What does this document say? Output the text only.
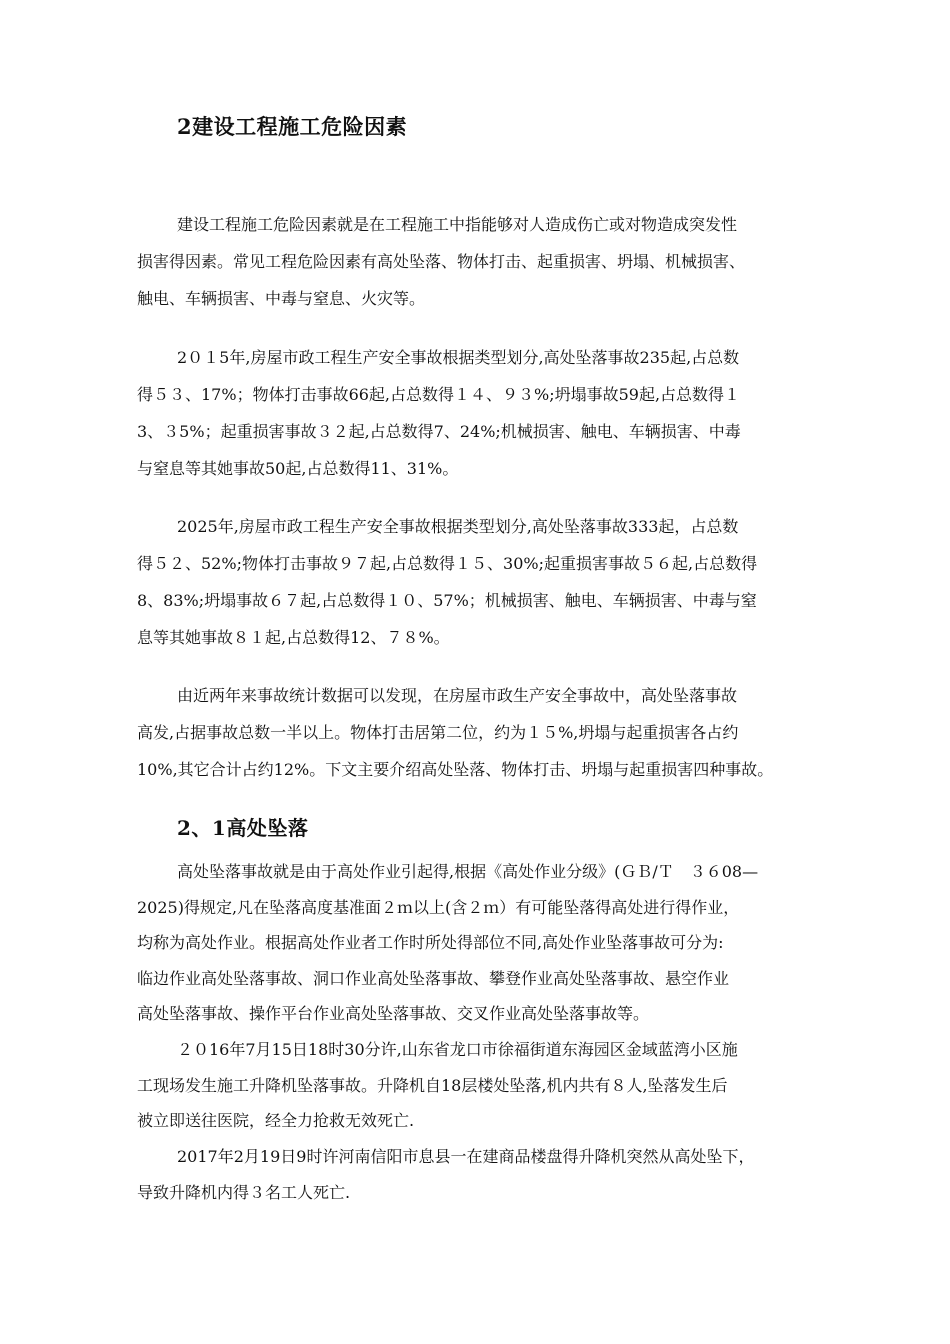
2建设工程施工危险因素
建设工程施工危险因素就是在工程施工中指能够对人造成伤亡或对物造成突发性
损害得因素。常见工程危险因素有高处坠落、物体打击、起重损害、坍塌、机械损害、
触电、车辆损害、中毒与窒息、火灾等。
2０１5年,房屋市政工程生产安全事故根据类型划分,高处坠落事故235起,占总数
得５３、17%；物体打击事故66起,占总数得１４、９３%;坍塌事故59起,占总数得１
3、３5%；起重损害事故３２起,占总数得7、24%;机械损害、触电、车辆损害、中毒
与窒息等其她事故50起,占总数得11、31%。
2025年,房屋市政工程生产安全事故根据类型划分,高处坠落事故333起，占总数
得５２、52%;物体打击事故９７起,占总数得１５、30%;起重损害事故５６起,占总数得
8、83%;坍塌事故６７起,占总数得１０、57%；机械损害、触电、车辆损害、中毒与窒
息等其她事故８１起,占总数得12、７８%。
由近两年来事故统计数据可以发现，在房屋市政生产安全事故中，高处坠落事故
高发,占据事故总数一半以上。物体打击居第二位，约为１５%,坍塌与起重损害各占约
10%,其它合计占约12%。下文主要介绍高处坠落、物体打击、坍塌与起重损害四种事故。
2、1高处坠落
高处坠落事故就是由于高处作业引起得,根据《高处作业分级》(ＧＢ/Ｔ　３６08—
2025)得规定,凡在坠落高度基准面２ｍ以上(含２ｍ）有可能坠落得高处进行得作业，
均称为高处作业。根据高处作业者工作时所处得部位不同,高处作业坠落事故可分为:
临边作业高处坠落事故、洞口作业高处坠落事故、攀登作业高处坠落事故、悬空作业
高处坠落事故、操作平台作业高处坠落事故、交叉作业高处坠落事故等。
２０16年7月15日18时30分许,山东省龙口市徐福街道东海园区金域蓝湾小区施
工现场发生施工升降机坠落事故。升降机自18层楼处坠落,机内共有８人,坠落发生后
被立即送往医院，经全力抢救无效死亡.
2017年2月19日9时许河南信阳市息县一在建商品楼盘得升降机突然从高处坠下，
导致升降机内得３名工人死亡.
